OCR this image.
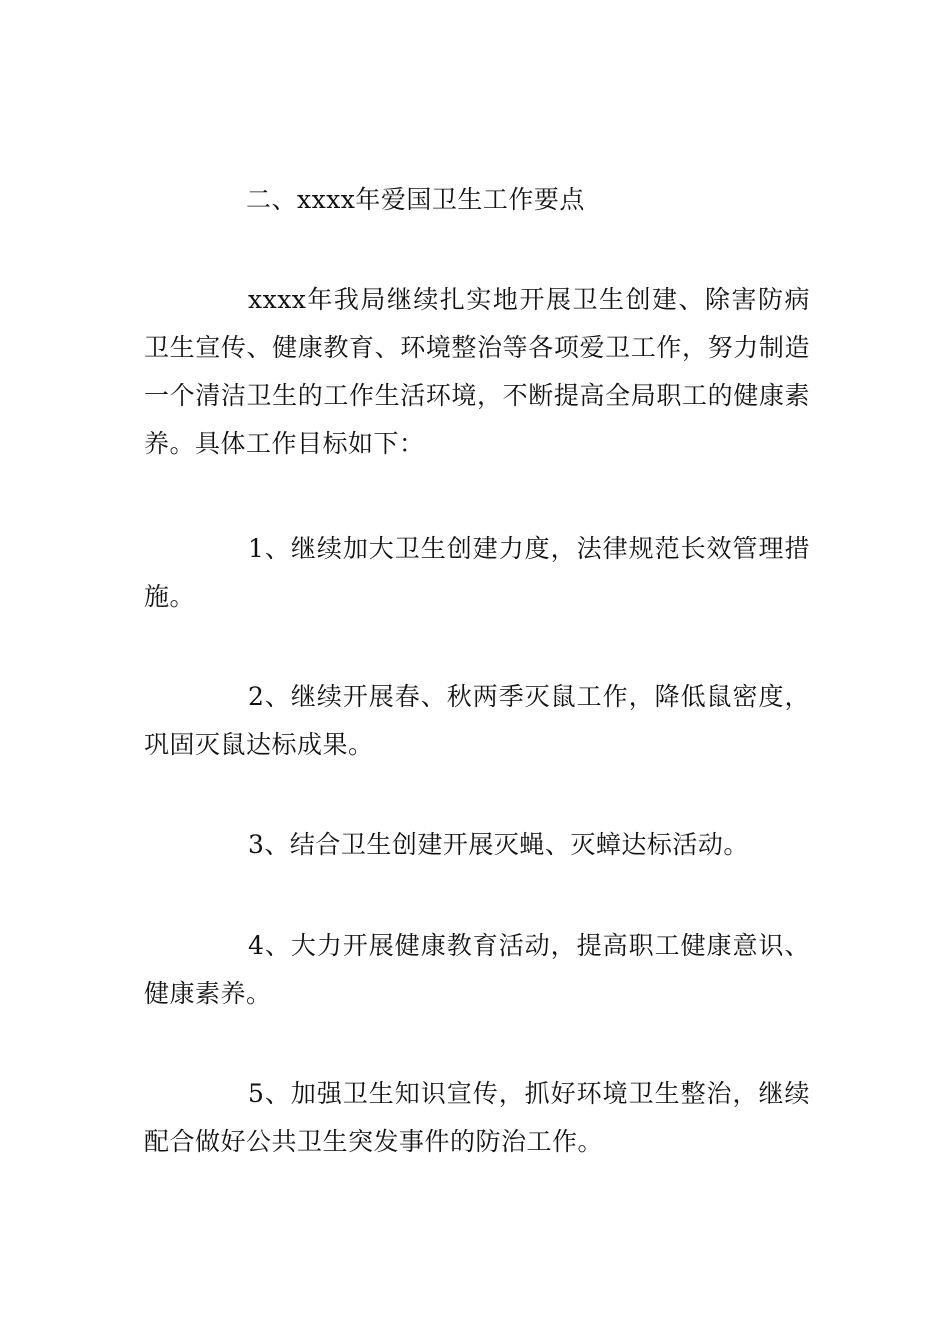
二、xxxx年爱国卫生工作要点

xxxx年我局继续扎实地开展卫生创建、除害防病卫生宣传、健康教育、环境整治等各项爱卫工作，努力制造一个清洁卫生的工作生活环境，不断提高全局职工的健康素养。具体工作目标如下：

1、继续加大卫生创建力度，法律规范长效管理措施。

2、继续开展春、秋两季灭鼠工作，降低鼠密度，巩固灭鼠达标成果。

3、结合卫生创建开展灭蝇、灭蟑达标活动。

4、大力开展健康教育活动，提高职工健康意识、健康素养。

5、加强卫生知识宣传，抓好环境卫生整治，继续配合做好公共卫生突发事件的防治工作。
